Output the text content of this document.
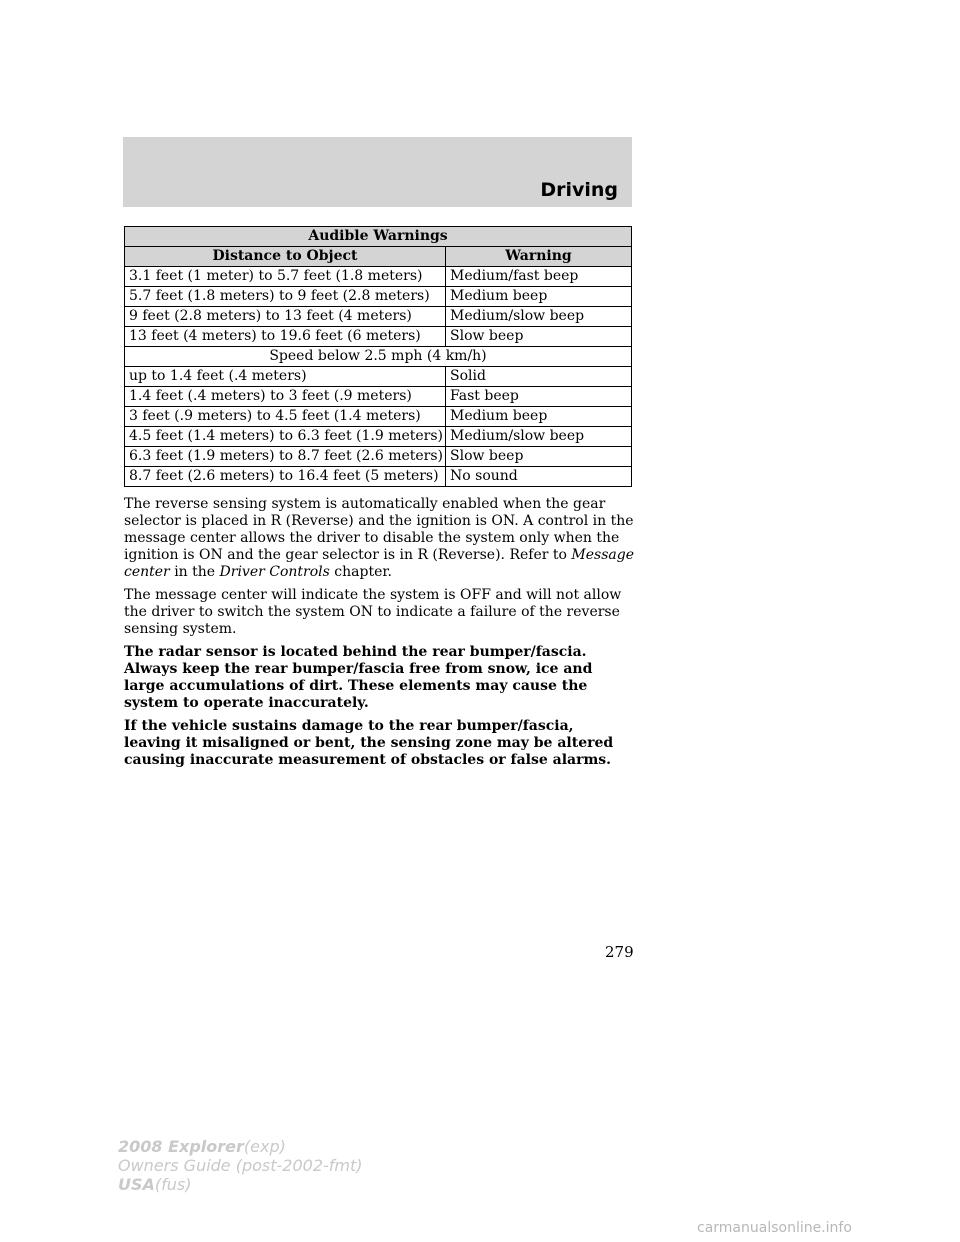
Driving
Audible Warnings	
Distance to Object	Warning
3.1 feet (1 meter) to 5.7 feet (1.8 meters)	Medium/fast beep
5.7 feet (1.8 meters) to 9 feet (2.8 meters)	Medium beep
9 feet (2.8 meters) to 13 feet (4 meters)	Medium/slow beep
13 feet (4 meters) to 19.6 feet (6 meters)	Slow beep
Speed below 2.5 mph (4 km/h)	
up to 1.4 feet (.4 meters)	Solid
1.4 feet (.4 meters) to 3 feet (.9 meters)	Fast beep
3 feet (.9 meters) to 4.5 feet (1.4 meters)	Medium beep
4.5 feet (1.4 meters) to 6.3 feet (1.9 meters)	Medium/slow beep
6.3 feet (1.9 meters) to 8.7 feet (2.6 meters)	Slow beep
8.7 feet (2.6 meters) to 16.4 feet (5 meters)	No sound

The reverse sensing system is automatically enabled when the gear selector is placed in R (Reverse) and the ignition is ON. A control in the message center allows the driver to disable the system only when the ignition is ON and the gear selector is in R (Reverse). Refer to Message center in the Driver Controls chapter.

The message center will indicate the system is OFF and will not allow the driver to switch the system ON to indicate a failure of the reverse sensing system.

The radar sensor is located behind the rear bumper/fascia. Always keep the rear bumper/fascia free from snow, ice and large accumulations of dirt. These elements may cause the system to operate inaccurately.

If the vehicle sustains damage to the rear bumper/fascia, leaving it misaligned or bent, the sensing zone may be altered causing inaccurate measurement of obstacles or false alarms.

279
2008 Explorer(exp)
Owners Guide (post-2002-fmt)
USA(fus)
carmanualsonline.info
